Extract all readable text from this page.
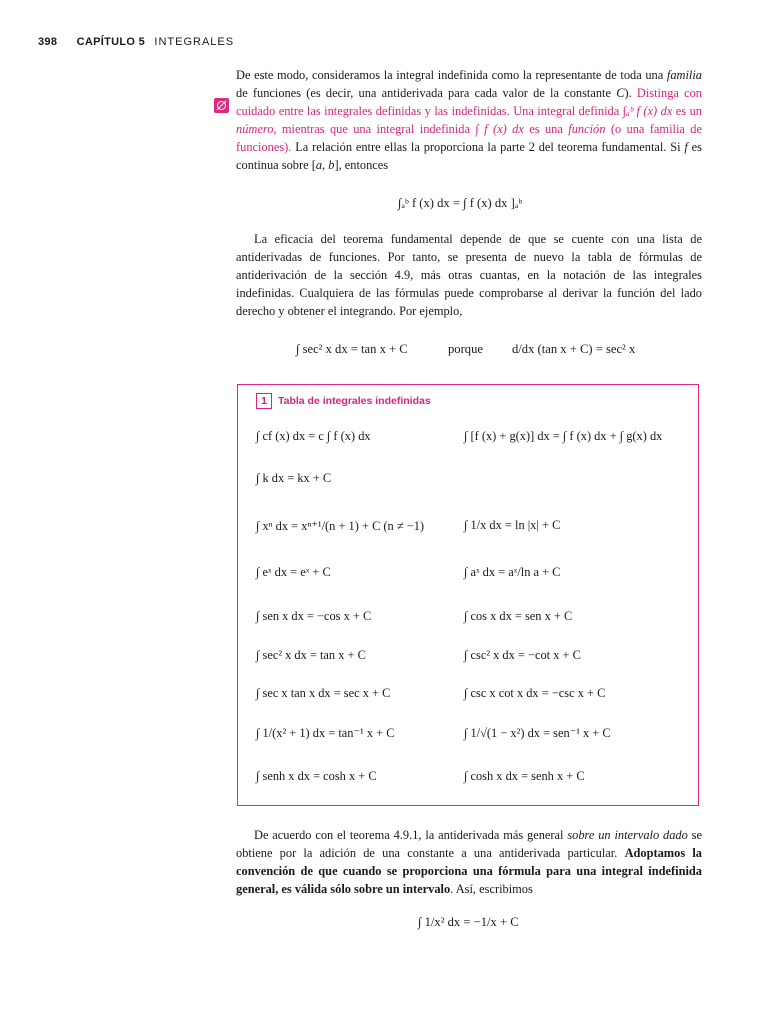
398 CAPÍTULO 5 INTEGRALES
De este modo, consideramos la integral indefinida como la representante de toda una familia de funciones (es decir, una antiderivada para cada valor de la constante C). Distinga con cuidado entre las integrales definidas y las indefinidas. Una integral definida ∫ₐᵇ f (x) dx es un número, mientras que una integral indefinida ∫ f (x) dx es una función (o una familia de funciones). La relación entre ellas la proporciona la parte 2 del teorema fundamental. Si f es continua sobre [a, b], entonces
∫ₐᵇ f (x) dx = ∫ f (x) dx ]ₐᵇ
La eficacia del teorema fundamental depende de que se cuente con una lista de antiderivadas de funciones. Por tanto, se presenta de nuevo la tabla de fórmulas de antiderivación de la sección 4.9, más otras cuantas, en la notación de las integrales indefinidas. Cualquiera de las fórmulas puede comprobarse al derivar la función del lado derecho y obtener el integrando. Por ejemplo,
∫ sec² x dx = tan x + C	porque d/dx (tan x + C) = sec² x
1 Tabla de integrales indefinidas
∫ cf (x) dx = c ∫ f (x) dx	∫ [f (x) + g(x)] dx = ∫ f (x) dx + ∫ g(x) dx
∫ k dx = kx + C
∫ xⁿ dx = xⁿ⁺¹/(n + 1) + C (n ≠ −1)	∫ 1/x dx = ln |x| + C
∫ eˣ dx = eˣ + C	∫ aˣ dx = aˣ/ln a + C
∫ sen x dx = −cos x + C	∫ cos x dx = sen x + C
∫ sec² x dx = tan x + C	∫ csc² x dx = −cot x + C
∫ sec x tan x dx = sec x + C	∫ csc x cot x dx = −csc x + C
∫ 1/(x² + 1) dx = tan⁻¹ x + C	∫ 1/√(1 − x²) dx = sen⁻¹ x + C
∫ senh x dx = cosh x + C	∫ cosh x dx = senh x + C
De acuerdo con el teorema 4.9.1, la antiderivada más general sobre un intervalo dado se obtiene por la adición de una constante a una antiderivada particular. Adoptamos la convención de que cuando se proporciona una fórmula para una integral indefinida general, es válida sólo sobre un intervalo. Así, escribimos
∫ 1/x² dx = −1/x + C
